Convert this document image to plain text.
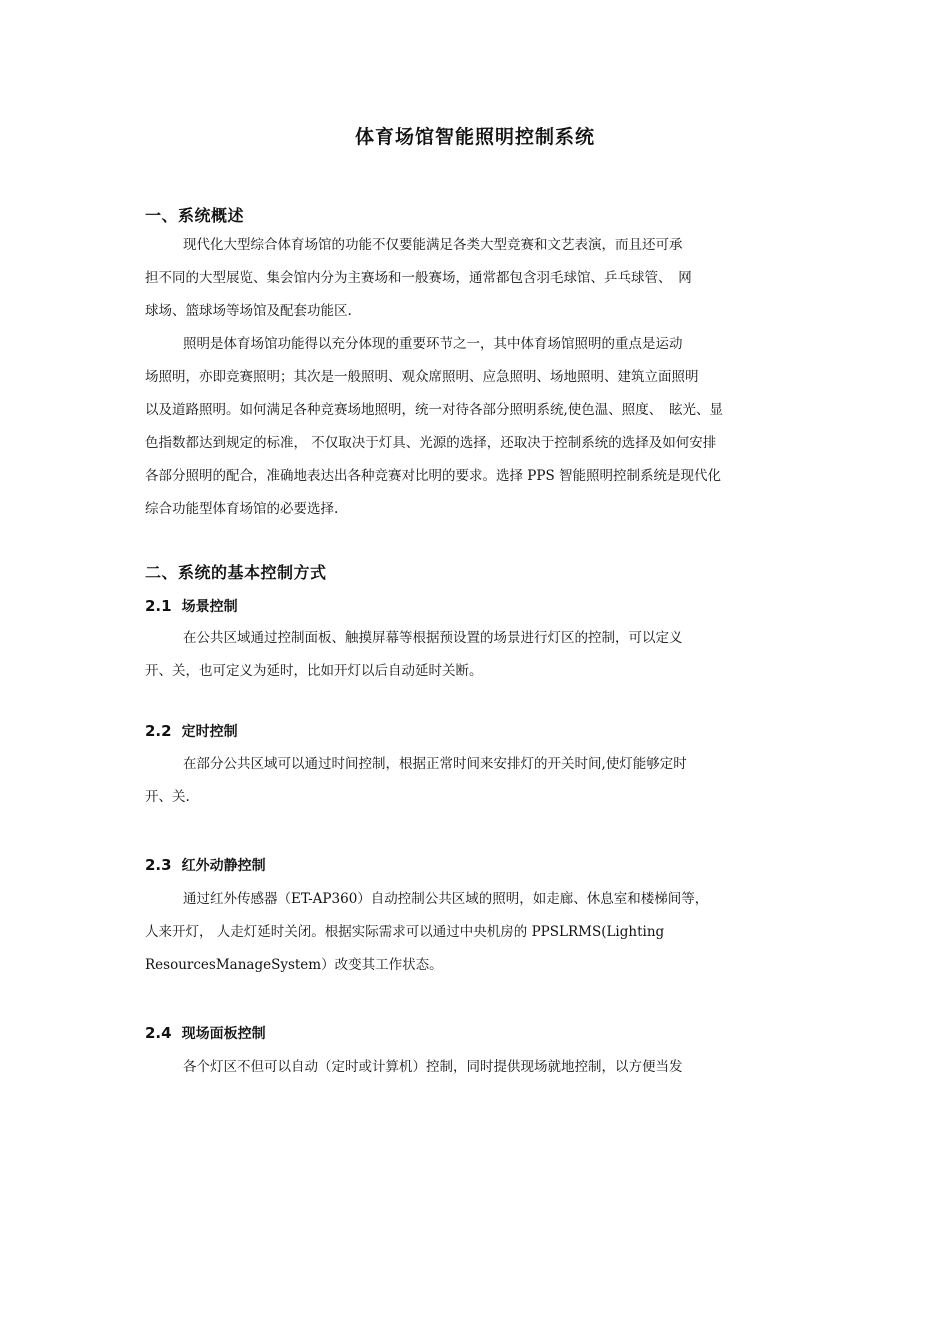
体育场馆智能照明控制系统
一、系统概述
现代化大型综合体育场馆的功能不仅要能满足各类大型竞赛和文艺表演，而且还可承
担不同的大型展览、集会馆内分为主赛场和一般赛场，通常都包含羽毛球馆、乒乓球管、　网
球场、篮球场等场馆及配套功能区.
照明是体育场馆功能得以充分体现的重要环节之一，其中体育场馆照明的重点是运动
场照明，亦即竞赛照明；其次是一般照明、观众席照明、应急照明、场地照明、建筑立面照明
以及道路照明。如何满足各种竞赛场地照明，统一对待各部分照明系统,使色温、照度、　眩光、显
色指数都达到规定的标准， 不仅取决于灯具、光源的选择，还取决于控制系统的选择及如何安排
各部分照明的配合，准确地表达出各种竞赛对比明的要求。选择 PPS 智能照明控制系统是现代化
综合功能型体育场馆的必要选择.
二、系统的基本控制方式
2.1 场景控制
在公共区域通过控制面板、触摸屏幕等根据预设置的场景进行灯区的控制，可以定义
开、关，也可定义为延时，比如开灯以后自动延时关断。
2.2 定时控制
在部分公共区域可以通过时间控制，根据正常时间来安排灯的开关时间,使灯能够定时
开、关.
2.3 红外动静控制
通过红外传感器（ET-AP360）自动控制公共区域的照明，如走廊、休息室和楼梯间等，
人来开灯， 人走灯延时关闭。根据实际需求可以通过中央机房的 PPSLRMS(Lighting
ResourcesManageSystem）改变其工作状态。
2.4 现场面板控制
各个灯区不但可以自动（定时或计算机）控制，同时提供现场就地控制，以方便当发
